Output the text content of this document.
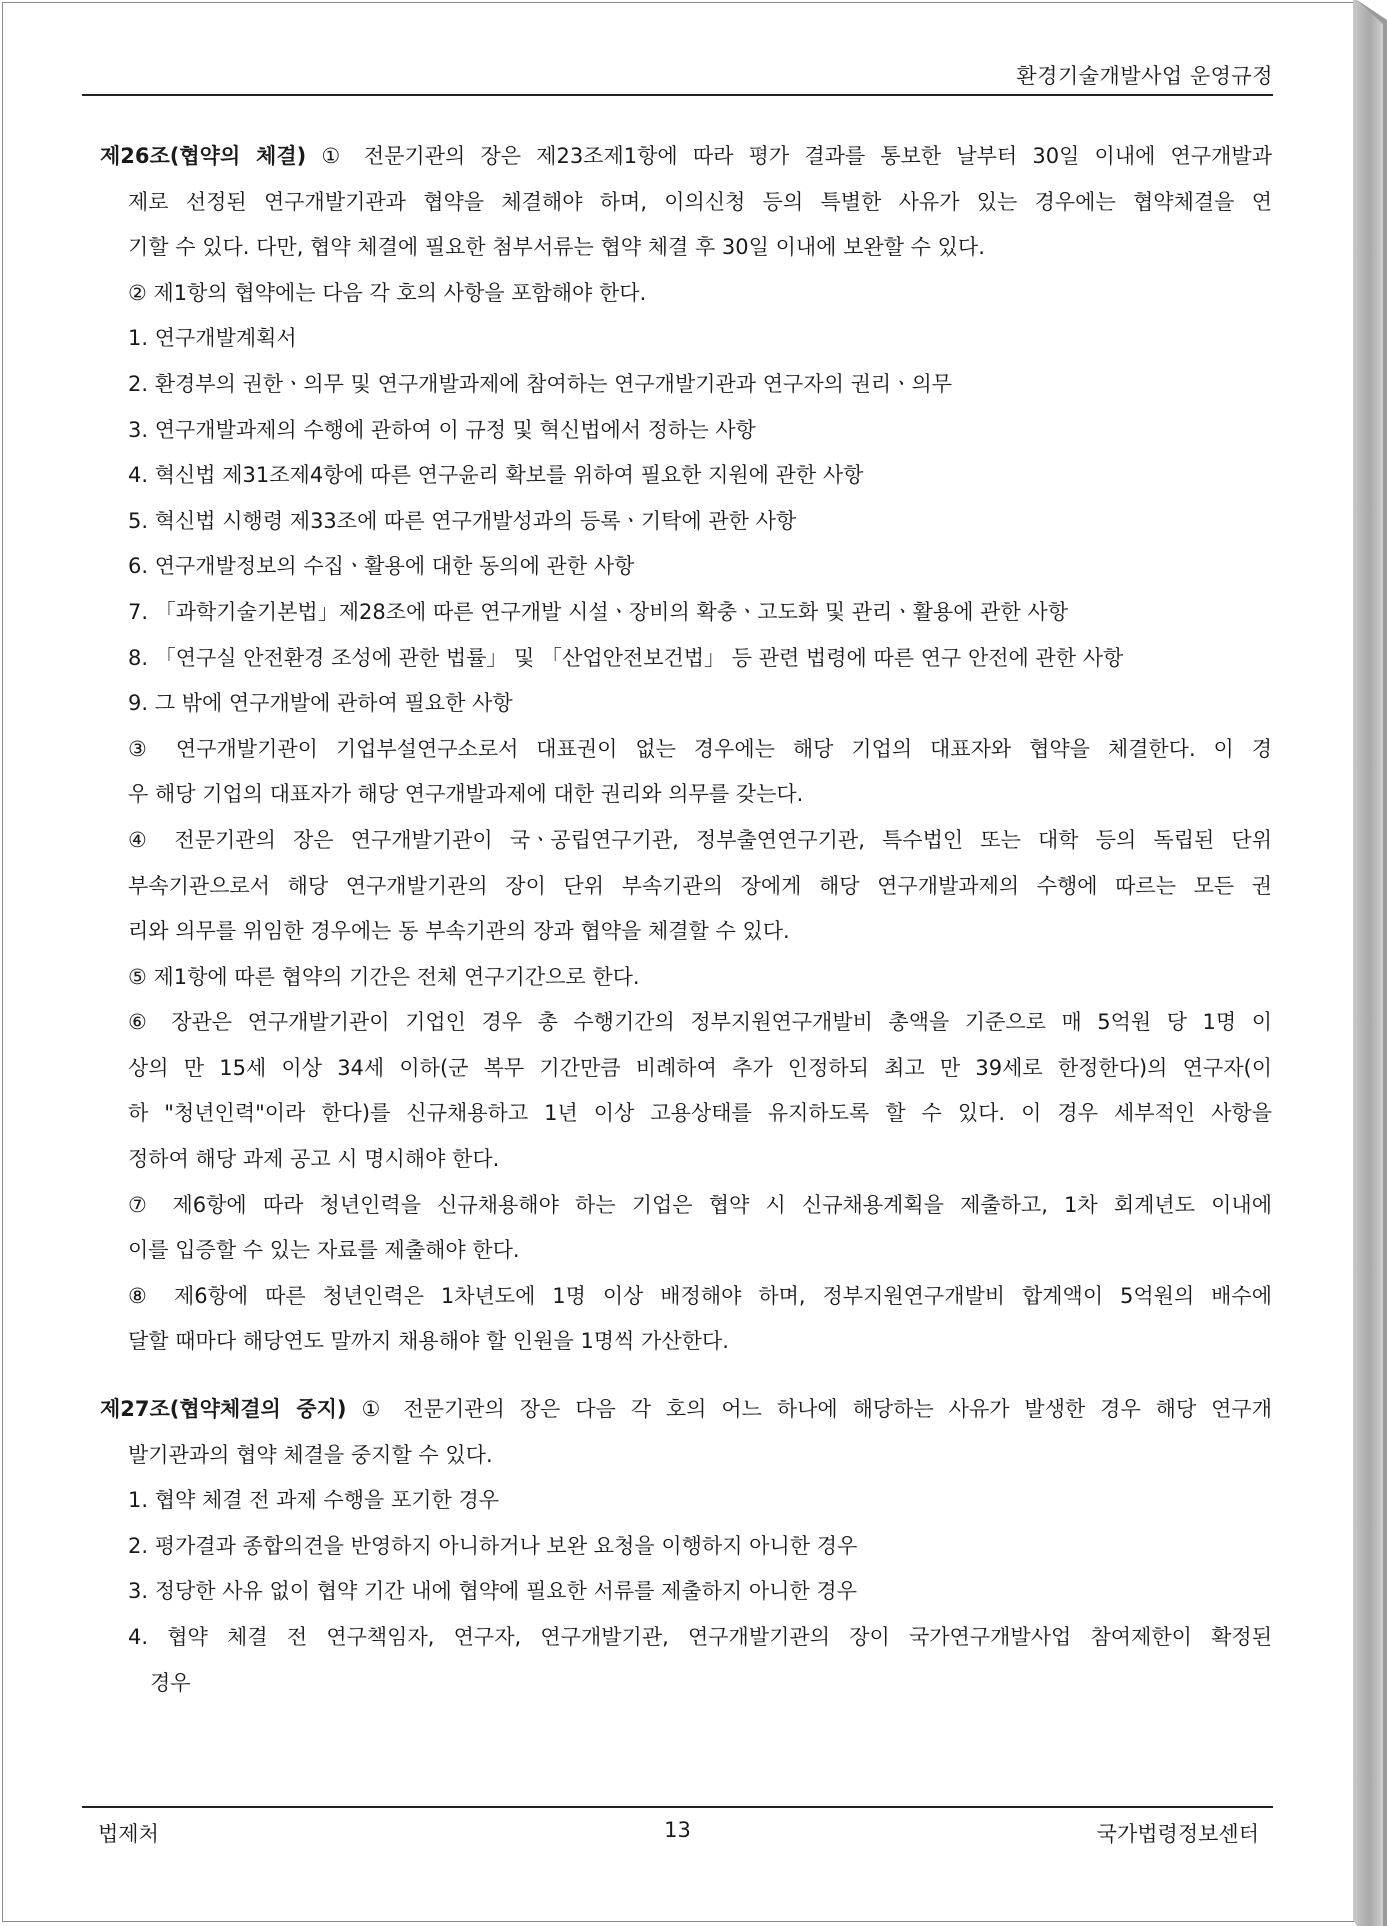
환경기술개발사업 운영규정
제26조(협약의 체결) ① 전문기관의 장은 제23조제1항에 따라 평가 결과를 통보한 날부터 30일 이내에 연구개발과
제로 선정된 연구개발기관과 협약을 체결해야 하며, 이의신청 등의 특별한 사유가 있는 경우에는 협약체결을 연
기할 수 있다. 다만, 협약 체결에 필요한 첨부서류는 협약 체결 후 30일 이내에 보완할 수 있다.
② 제1항의 협약에는 다음 각 호의 사항을 포함해야 한다.
1. 연구개발계획서
2. 환경부의 권한ㆍ의무 및 연구개발과제에 참여하는 연구개발기관과 연구자의 권리ㆍ의무
3. 연구개발과제의 수행에 관하여 이 규정 및 혁신법에서 정하는 사항
4. 혁신법 제31조제4항에 따른 연구윤리 확보를 위하여 필요한 지원에 관한 사항
5. 혁신법 시행령 제33조에 따른 연구개발성과의 등록ㆍ기탁에 관한 사항
6. 연구개발정보의 수집ㆍ활용에 대한 동의에 관한 사항
7. 「과학기술기본법」제28조에 따른 연구개발 시설ㆍ장비의 확충ㆍ고도화 및 관리ㆍ활용에 관한 사항
8. 「연구실 안전환경 조성에 관한 법률」 및 「산업안전보건법」 등 관련 법령에 따른 연구 안전에 관한 사항
9. 그 밖에 연구개발에 관하여 필요한 사항
③ 연구개발기관이 기업부설연구소로서 대표권이 없는 경우에는 해당 기업의 대표자와 협약을 체결한다. 이 경
우 해당 기업의 대표자가 해당 연구개발과제에 대한 권리와 의무를 갖는다.
④ 전문기관의 장은 연구개발기관이 국ㆍ공립연구기관, 정부출연연구기관, 특수법인 또는 대학 등의 독립된 단위
부속기관으로서 해당 연구개발기관의 장이 단위 부속기관의 장에게 해당 연구개발과제의 수행에 따르는 모든 권
리와 의무를 위임한 경우에는 동 부속기관의 장과 협약을 체결할 수 있다.
⑤ 제1항에 따른 협약의 기간은 전체 연구기간으로 한다.
⑥ 장관은 연구개발기관이 기업인 경우 총 수행기간의 정부지원연구개발비 총액을 기준으로 매 5억원 당 1명 이
상의 만 15세 이상 34세 이하(군 복무 기간만큼 비례하여 추가 인정하되 최고 만 39세로 한정한다)의 연구자(이
하 "청년인력"이라 한다)를 신규채용하고 1년 이상 고용상태를 유지하도록 할 수 있다. 이 경우 세부적인 사항을
정하여 해당 과제 공고 시 명시해야 한다.
⑦ 제6항에 따라 청년인력을 신규채용해야 하는 기업은 협약 시 신규채용계획을 제출하고, 1차 회계년도 이내에
이를 입증할 수 있는 자료를 제출해야 한다.
⑧ 제6항에 따른 청년인력은 1차년도에 1명 이상 배정해야 하며, 정부지원연구개발비 합계액이 5억원의 배수에
달할 때마다 해당연도 말까지 채용해야 할 인원을 1명씩 가산한다.
제27조(협약체결의 중지) ① 전문기관의 장은 다음 각 호의 어느 하나에 해당하는 사유가 발생한 경우 해당 연구개
발기관과의 협약 체결을 중지할 수 있다.
1. 협약 체결 전 과제 수행을 포기한 경우
2. 평가결과 종합의견을 반영하지 아니하거나 보완 요청을 이행하지 아니한 경우
3. 정당한 사유 없이 협약 기간 내에 협약에 필요한 서류를 제출하지 아니한 경우
4. 협약 체결 전 연구책임자, 연구자, 연구개발기관, 연구개발기관의 장이 국가연구개발사업 참여제한이 확정된
경우
법제처	13	국가법령정보센터
